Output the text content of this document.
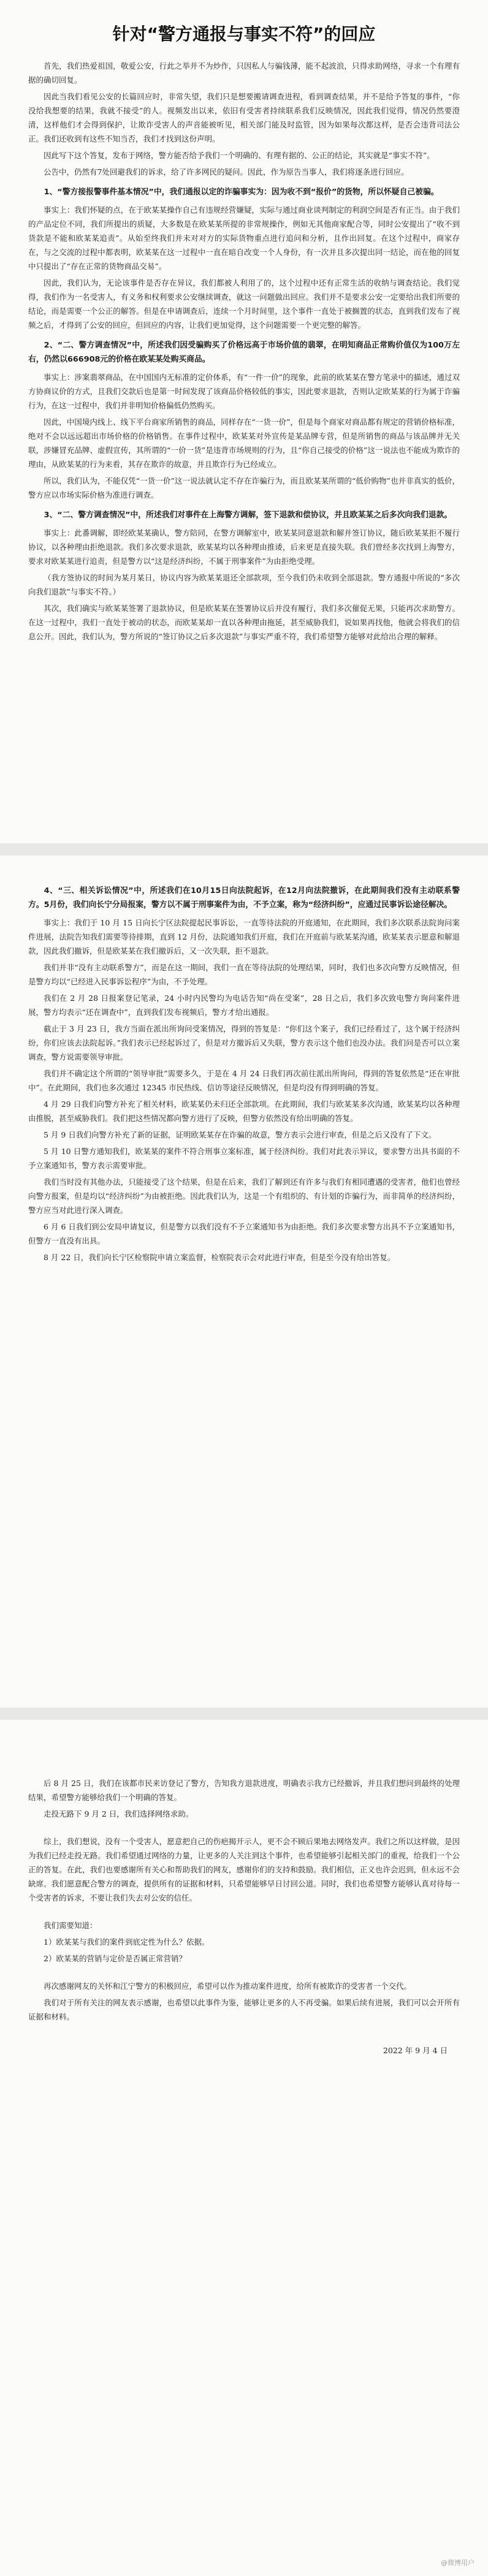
针对“警方通报与事实不符”的回应

首先，我们热爱祖国，敬爱公安，行此之举并不为炒作，只因私人与骗钱薄，能不起波浪，只得求助网络，寻求一个有理有据的确切回复。

因此当我们看见公安的长篇回应时，非常失望，我们只是想要搬请调查进程，看到调查结果，并不是给予答复的事件，“你没给我想要的结果，我就不接受”的人。视频发出以来，依旧有受害者持续联系我们反映情况，因此我们觉得，情况仍然要澄清，这样他们才会得到保护，让欺诈受害人的声音能被听见，相关部门能及时监管，因为如果每次都这样，是否会违背司法公正。我们还收到有这些不知当否，我们才找到这份声明。

因此写下这个答复，发布于网络，警方能否给予我们一个明确的、有理有据的、公正的结论，其实就是“事实不符”。

公告中，仍然有7处回避我们的诉求，给了许多网民的疑问。因此，作为原告当事人，我们将逐条进行回应。

1、“警方接报警事件基本情况”中，我们通报以定的诈骗事实为：因为收不到“报价”的货物，所以怀疑自己被骗。

事实上：我们怀疑的点，在于欧某某操作自己有违规经营嫌疑，实际与通过商业谈判制定的利润空间是否有正当。由于我们的产品定位不同，我们所提出的质疑，大多数是在欧某某所提的非常规操作，例如无其他商家配合等，同时公安提出了“收不到货款是不能和欧某某追责”。从始至终我们并未对对方的实际货物重点进行追问和分析，且作出回复。在这个过程中，商家存在，与之交流的过程中都表明，欧某某在这一过程中一直在暗自改变一个人身份，有一次并且多次提出同一结论，而在他的回复中只提出了“存在正常的货物商品交易”。

因此，我们认为，无论该事件是否存在异议，我们都被人利用了的，这个过程中还有正常生活的收纳与调查结论。我们觉得，我们作为一名受害人，有义务和权利要求公安继续调查，就这一问题做出回应。我们并不是要求公安一定要给出我们所要的结论，而是需要一个公正的解答。但是在申请调查后，连续一个月时间里，这个事件一直处于被搁置的状态，直到我们发布了视频之后，才得到了公安的回应，但回应的内容，让我们更加觉得，这个问题需要一个更完整的解答。

2、“二、警方调查情况”中，所述我们因受骗购买了价格远高于市场价值的翡翠，在明知商品正常购价值仅为100万左右，仍然以666908元的价格在欧某某处购买商品。

事实上：涉案翡翠商品，在中国国内无标准的定价体系，有“一件一价”的现象，此前的欧某某在警方笔录中的描述，通过双方协商议价的方式，且我们交款后也是第一时间发现了该商品价格较低的事实，因此要求退款，否则认定欧某某的行为属于诈骗行为，在这一过程中，我们并非明知价格偏低仍然购买。

因此，中国境内线上、线下平台商家所销售的商品，同样存在“一货一价”，但是每个商家对商品都有规定的营销价格标准，绝对不会以远远超出市场价格的价格销售。在事件过程中，欧某某对外宣传是某品牌专营，但是所销售的商品与该品牌并无关联，涉嫌冒充品牌、虚假宣传，其所谓的“一价一货”是违背市场规则的行为，且“你自己接受的价格”这一说法也不能成为欺诈的理由，从欧某某的行为来看，其存在欺诈的故意，并且欺诈行为已经成立。

所以，我们认为，不能仅凭“一货一价”这一说法就认定不存在诈骗行为，而且欧某某所谓的“低价购物”也并非真实的低价，警方应以市场实际价格为准进行调查。

3、“二、警方调查情况”中，所述我们对事件在上海警方调解，签下退款和偿协议，并且欧某某之后多次向我们退款。

事实上：此番调解，即经欧某某确认，警方陪同，在警方调解室中，欧某某同意退款和解并签订协议，随后欧某某拒不履行协议，以各种理由拒绝退款。我们多次要求退款，欧某某均以各种理由推诿，后来更是直接失联。我们曾经多次找到上海警方，要求对欧某某进行追责，但是警方以“这是经济纠纷，不属于刑事案件”为由拒绝受理。

（我方签协议的时间为某月某日，协议内容为欧某某退还全部款项，至今我们仍未收到全部退款。警方通报中所说的“多次向我们退款”与事实不符。）

其次，我们确实与欧某某签署了退款协议，但是欧某某在签署协议后并没有履行，我们多次催促无果，只能再次求助警方。在这一过程中，我们一直处于被动的状态，而欧某某却一直以各种理由拖延，甚至威胁我们，说如果再找他，他就会将我们的信息公开。因此，我们认为，警方所说的“签订协议之后多次退款”与事实严重不符，我们希望警方能够对此给出合理的解释。

4、“三、相关诉讼情况”中，所述我们在10月15日向法院起诉，在12月向法院撤诉，在此期间我们没有主动联系警方。5月份，我们向长宁分局报案，警方以不属于刑事案件为由，不予立案，称为“经济纠纷”，应通过民事诉讼途径解决。

事实上：我们于 10 月 15 日向长宁区法院提起民事诉讼，一直等待法院的开庭通知，在此期间，我们多次联系法院询问案件进展，法院告知我们需要等待排期，直到 12 月份，法院通知我们开庭，我们在开庭前与欧某某沟通，欧某某表示愿意和解退款，因此我们撤诉，但是欧某某在我们撤诉后，又一次失联，拒不退款。

我们并非“没有主动联系警方”，而是在这一期间，我们一直在等待法院的处理结果，同时，我们也多次向警方反映情况，但是警方均以“已经进入民事诉讼程序”为由，不予处理。

我们在 2 月 28 日报案登记笔录，24 小时内民警均为电话告知“尚在受案”，28 日之后，我们多次致电警方询问案件进展，警方均表示“还在调查中”，直到我们发布视频后，警方才给出通报。

截止于 3 月 23 日，我方当面在派出所询问受案情况，得到的答复是：“你们这个案子，我们已经看过了，这个属于经济纠纷，你们应该去法院起诉。”我们表示已经起诉过了，但是对方撤诉后又失联，警方表示这个他们也没办法。我们问是否可以立案调查，警方说需要领导审批。

我们并不确定这个所谓的“领导审批”需要多久，于是在 4 月 24 日我们再次前往派出所询问，得到的答复依然是“还在审批中”。在此期间，我们也多次通过 12345 市民热线、信访等途径反映情况，但是均没有得到明确的答复。

4 月 29 日我们向警方补充了相关材料，欧某某仍未归还全部款项。在此期间，我们与欧某某多次沟通，欧某某均以各种理由推脱，甚至威胁我们。我们把这些情况都向警方进行了反映，但警方依然没有给出明确的答复。

5 月 9 日我们向警方补充了新的证据，证明欧某某存在诈骗的故意，警方表示会进行审查，但是之后又没有了下文。

5 月 10 日警方通知我们，欧某某的案件不符合刑事立案标准，属于经济纠纷。我们对此表示异议，要求警方出具书面的不予立案通知书，警方表示需要审批。

我们当时没有其他办法，只能接受了这个结果，但是在后来，我们了解到还有许多与我们有相同遭遇的受害者，他们也曾经向警方报案，但是均以“经济纠纷”为由被拒绝。因此我们认为，这是一个有组织的、有计划的诈骗行为，而非简单的经济纠纷，警方应当对此进行深入调查。

6 月 6 日我们到公安局申请复议，但是警方以我们没有不予立案通知书为由拒绝。我们多次要求警方出具不予立案通知书，但警方一直没有出具。

8 月 22 日，我们向长宁区检察院申请立案监督，检察院表示会对此进行审查，但是至今没有给出答复。

后 8 月 25 日，我们在该都市民来访登记了警方，告知我方退款进度，明确表示我方已经撤诉，并且我们想问到最终的处理结果，希望警方能够给我们一个明确的答复。

走投无路下 9 月 2 日，我们选择网络求助。

综上，我们想说，没有一个受害人，愿意把自己的伤疤揭开示人，更不会不顾后果地去网络发声。我们之所以这样做，是因为我们已经走投无路。我们希望通过网络的力量，让更多的人关注到这个事件，也希望能够引起相关部门的重视，给我们一个公正的答复。在此，我们也要感谢所有关心和帮助我们的网友，感谢你们的支持和鼓励。我们相信，正义也许会迟到，但永远不会缺席。我们愿意配合警方的调查，提供所有的证据和材料，只希望能够早日讨回公道。同时，我们也希望警方能够认真对待每一个受害者的诉求，不要让我们失去对公安的信任。

我们需要知道：

1）欧某某与我们的案件到底定性为什么？依据。

2）欧某某的营销与定价是否属正常营销？

再次感谢网友的关怀和江宁警方的积极回应，希望可以作为推动案件进度，给所有被欺诈的受害者一个交代。

我们对于所有关注的网友表示感谢，也希望以此事件为鉴，能够让更多的人不再受骗。如果后续有进展，我们可以会开所有证据和材料。

2022 年 9 月 4 日
@微博用户
